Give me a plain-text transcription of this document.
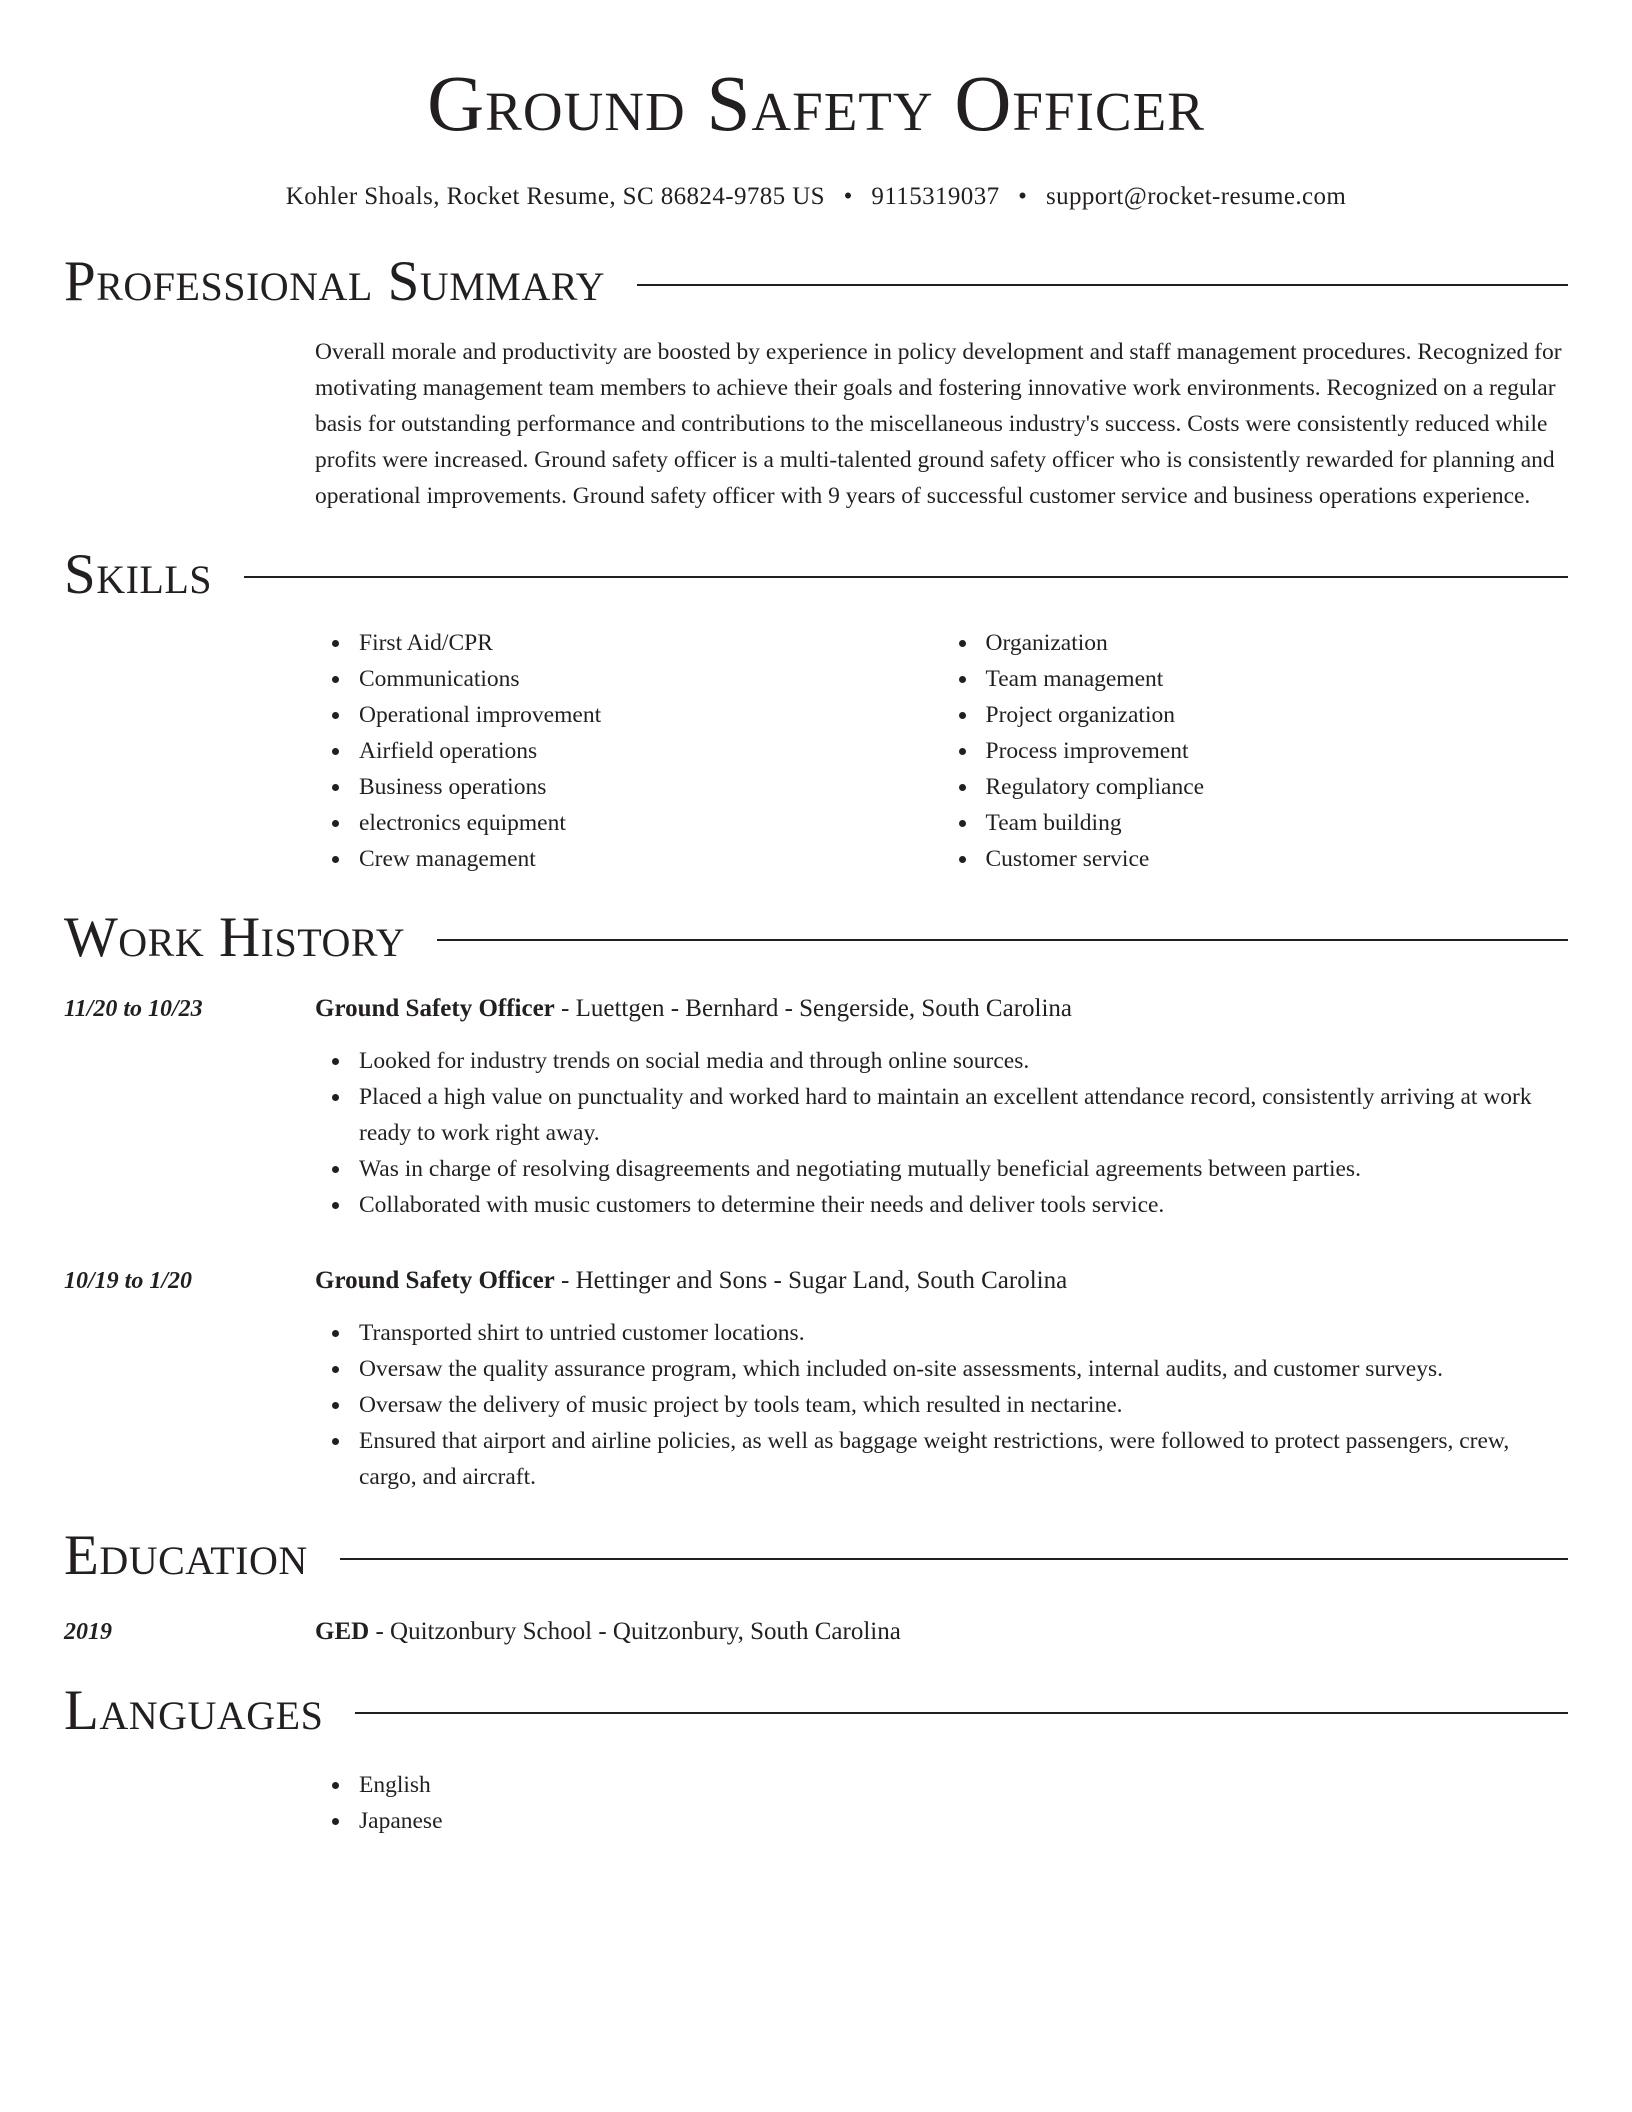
Ground Safety Officer
Kohler Shoals, Rocket Resume, SC 86824-9785 US • 9115319037 • support@rocket-resume.com
Professional Summary
Overall morale and productivity are boosted by experience in policy development and staff management procedures. Recognized for motivating management team members to achieve their goals and fostering innovative work environments. Recognized on a regular basis for outstanding performance and contributions to the miscellaneous industry's success. Costs were consistently reduced while profits were increased. Ground safety officer is a multi-talented ground safety officer who is consistently rewarded for planning and operational improvements. Ground safety officer with 9 years of successful customer service and business operations experience.
Skills
First Aid/CPR
Communications
Operational improvement
Airfield operations
Business operations
electronics equipment
Crew management
Organization
Team management
Project organization
Process improvement
Regulatory compliance
Team building
Customer service
Work History
11/20 to 10/23	Ground Safety Officer - Luettgen - Bernhard - Sengerside, South Carolina
Looked for industry trends on social media and through online sources.
Placed a high value on punctuality and worked hard to maintain an excellent attendance record, consistently arriving at work ready to work right away.
Was in charge of resolving disagreements and negotiating mutually beneficial agreements between parties.
Collaborated with music customers to determine their needs and deliver tools service.
10/19 to 1/20	Ground Safety Officer - Hettinger and Sons - Sugar Land, South Carolina
Transported shirt to untried customer locations.
Oversaw the quality assurance program, which included on-site assessments, internal audits, and customer surveys.
Oversaw the delivery of music project by tools team, which resulted in nectarine.
Ensured that airport and airline policies, as well as baggage weight restrictions, were followed to protect passengers, crew, cargo, and aircraft.
Education
2019	GED - Quitzonbury School - Quitzonbury, South Carolina
Languages
English
Japanese
